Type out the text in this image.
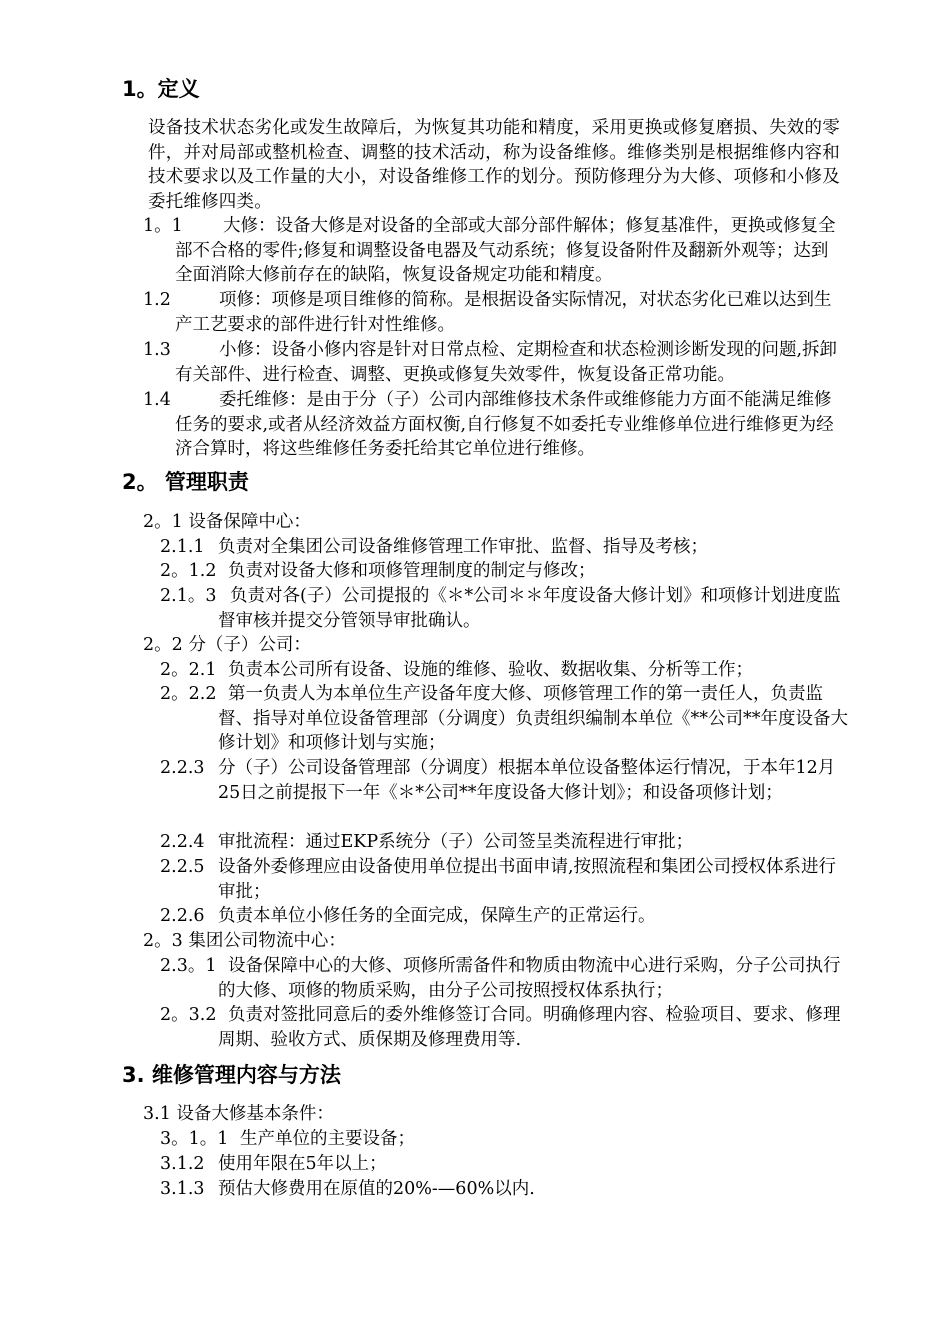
1。定义
设备技术状态劣化或发生故障后，为恢复其功能和精度，采用更换或修复磨损、失效的零件，并对局部或整机检查、调整的技术活动，称为设备维修。维修类别是根据维修内容和技术要求以及工作量的大小，对设备维修工作的划分。预防修理分为大修、项修和小修及委托维修四类。
1。1	大修：设备大修是对设备的全部或大部分部件解体；修复基准件，更换或修复全部不合格的零件;修复和调整设备电器及气动系统；修复设备附件及翻新外观等；达到全面消除大修前存在的缺陷，恢复设备规定功能和精度。
1.2	项修：项修是项目维修的简称。是根据设备实际情况，对状态劣化已难以达到生产工艺要求的部件进行针对性维修。
1.3	小修：设备小修内容是针对日常点检、定期检查和状态检测诊断发现的问题,拆卸有关部件、进行检查、调整、更换或修复失效零件，恢复设备正常功能。
1.4	委托维修：是由于分（子）公司内部维修技术条件或维修能力方面不能满足维修任务的要求,或者从经济效益方面权衡,自行修复不如委托专业维修单位进行维修更为经济合算时，将这些维修任务委托给其它单位进行维修。
2。 管理职责
2。1 设备保障中心：
2.1.1 负责对全集团公司设备维修管理工作审批、监督、指导及考核；
2。1.2 负责对设备大修和项修管理制度的制定与修改；
2.1。3 负责对各(子）公司提报的《＊*公司＊＊年度设备大修计划》和项修计划进度监督审核并提交分管领导审批确认。
2。2 分（子）公司：
2。2.1 负责本公司所有设备、设施的维修、验收、数据收集、分析等工作；
2。2.2 第一负责人为本单位生产设备年度大修、项修管理工作的第一责任人，负责监督、指导对单位设备管理部（分调度）负责组织编制本单位《**公司**年度设备大修计划》和项修计划与实施；
2.2.3 分（子）公司设备管理部（分调度）根据本单位设备整体运行情况，于本年12月25日之前提报下一年《＊*公司**年度设备大修计划》；和设备项修计划；
2.2.4 审批流程：通过EKP系统分（子）公司签呈类流程进行审批；
2.2.5 设备外委修理应由设备使用单位提出书面申请,按照流程和集团公司授权体系进行审批；
2.2.6 负责本单位小修任务的全面完成，保障生产的正常运行。
2。3 集团公司物流中心：
2.3。1 设备保障中心的大修、项修所需备件和物质由物流中心进行采购，分子公司执行的大修、项修的物质采购，由分子公司按照授权体系执行；
2。3.2 负责对签批同意后的委外维修签订合同。明确修理内容、检验项目、要求、修理周期、验收方式、质保期及修理费用等.
3. 维修管理内容与方法
3.1 设备大修基本条件：
3。1。1 生产单位的主要设备；
3.1.2 使用年限在5年以上；
3.1.3 预估大修费用在原值的20%-—60%以内.
